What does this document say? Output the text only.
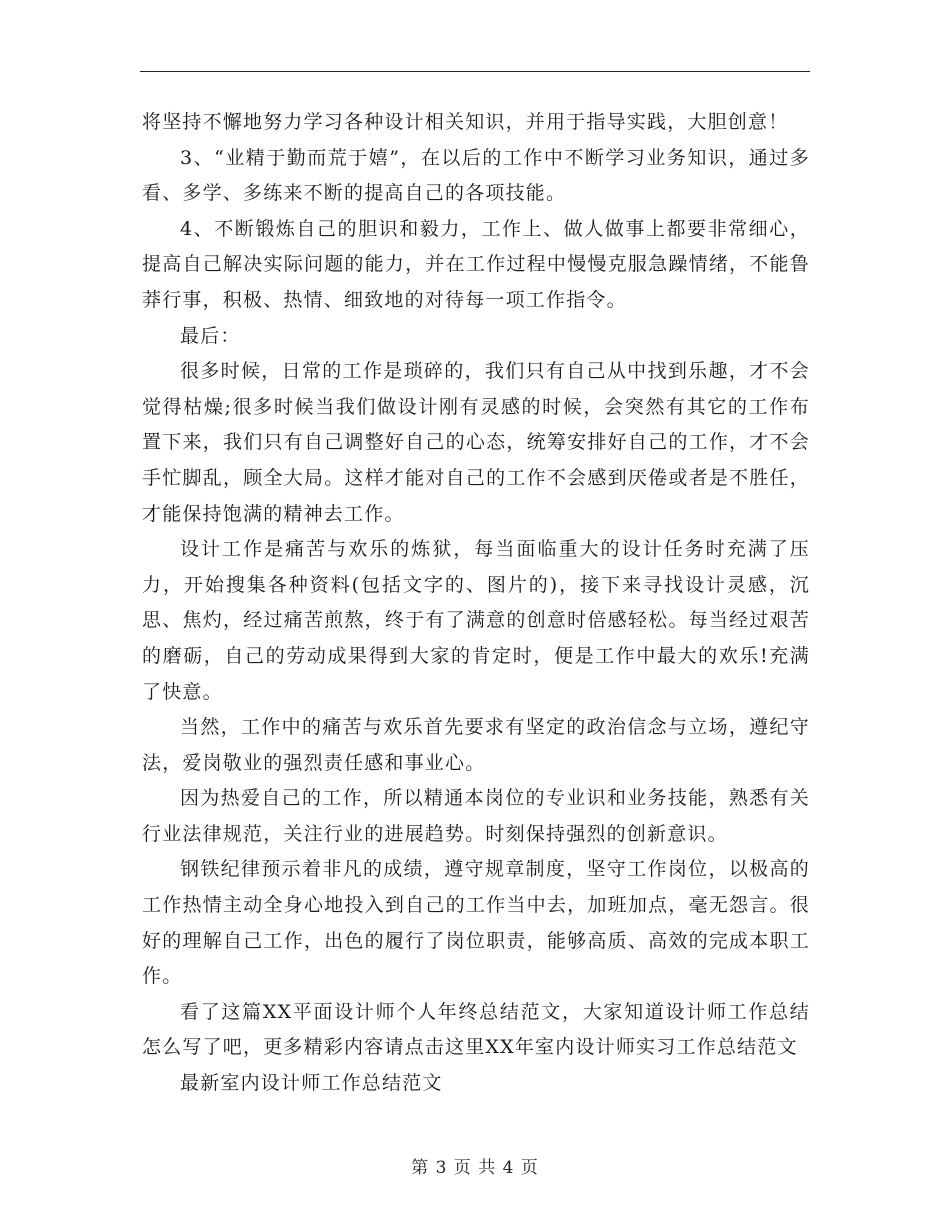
将坚持不懈地努力学习各种设计相关知识，并用于指导实践，大胆创意！

3、“业精于勤而荒于嬉”，在以后的工作中不断学习业务知识，通过多看、多学、多练来不断的提高自己的各项技能。

4、不断锻炼自己的胆识和毅力，工作上、做人做事上都要非常细心，提高自己解决实际问题的能力，并在工作过程中慢慢克服急躁情绪，不能鲁莽行事，积极、热情、细致地的对待每一项工作指令。

最后：

很多时候，日常的工作是琐碎的，我们只有自己从中找到乐趣，才不会觉得枯燥;很多时候当我们做设计刚有灵感的时候，会突然有其它的工作布置下来，我们只有自己调整好自己的心态，统筹安排好自己的工作，才不会手忙脚乱，顾全大局。这样才能对自己的工作不会感到厌倦或者是不胜任，才能保持饱满的精神去工作。

设计工作是痛苦与欢乐的炼狱，每当面临重大的设计任务时充满了压力，开始搜集各种资料(包括文字的、图片的)，接下来寻找设计灵感，沉思、焦灼，经过痛苦煎熬，终于有了满意的创意时倍感轻松。每当经过艰苦的磨砺，自己的劳动成果得到大家的肯定时，便是工作中最大的欢乐!充满了快意。

当然，工作中的痛苦与欢乐首先要求有坚定的政治信念与立场，遵纪守法，爱岗敬业的强烈责任感和事业心。

因为热爱自己的工作，所以精通本岗位的专业识和业务技能，熟悉有关行业法律规范，关注行业的进展趋势。时刻保持强烈的创新意识。

钢铁纪律预示着非凡的成绩，遵守规章制度，坚守工作岗位，以极高的工作热情主动全身心地投入到自己的工作当中去，加班加点，毫无怨言。很好的理解自己工作，出色的履行了岗位职责，能够高质、高效的完成本职工作。

看了这篇XX平面设计师个人年终总结范文，大家知道设计师工作总结怎么写了吧，更多精彩内容请点击这里XX年室内设计师实习工作总结范文

最新室内设计师工作总结范文

第 3 页 共 4 页
